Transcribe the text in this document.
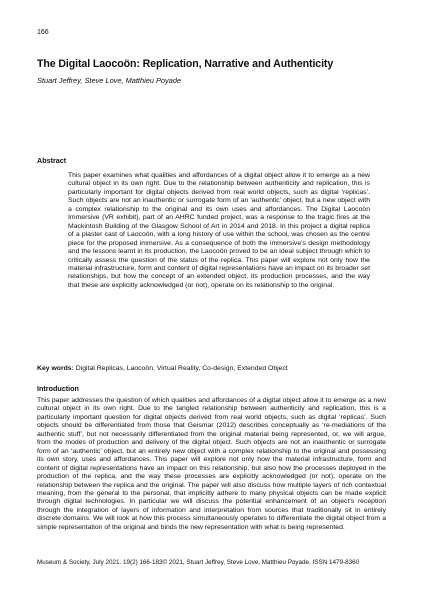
166
The Digital Laocoön: Replication, Narrative and Authenticity
Stuart Jeffrey, Steve Love, Matthieu Poyade
Abstract

This paper examines what qualities and affordances of a digital object allow it to emerge as a new cultural object in its own right. Due to the relationship between authenticity and replication, this is particularly important for digital objects derived from real world objects, such as digital ‘replicas’. Such objects are not an inauthentic or surrogate form of an ‘authentic’ object, but a new object with a complex relationship to the original and its own uses and affordances. The Digital Laocoön Immersive (VR exhibit), part of an AHRC funded project, was a response to the tragic fires at the Mackintosh Building of the Glasgow School of Art in 2014 and 2018. In this project a digital replica of a plaster cast of Laocoön, with a long history of use within the school, was chosen as the centre piece for the proposed immersive. As a consequence of both the immersive’s design methodology and the lessons learnt in its production, the Laocoön proved to be an ideal subject through which to critically assess the question of the status of the replica. This paper will explore not only how the material infrastructure, form and content of digital representations have an impact on its broader set relationships, but how the concept of an extended object, its production processes, and the way that these are explicitly acknowledged (or not), operate on its relationship to the original.

Key words: Digital Replicas, Laocoön, Virtual Reality, Co-design, Extended Object
Introduction

This paper addresses the question of which qualities and affordances of a digital object allow it to emerge as a new cultural object in its own right. Due to the tangled relationship between authenticity and replication, this is a particularly important question for digital objects derived from real world objects, such as digital ‘replicas’. Such objects should be differentiated from those that Geismar (2012) describes conceptually as ‘re-mediations of the authentic stuff’, but not necessarily differentiated from the original material being represented, or, we will argue, from the modes of production and delivery of the digital object. Such objects are not an inauthentic or surrogate form of an ‘authentic’ object, but an entirely new object with a complex relationship to the original and possessing its own story, uses and affordances. This paper will explore not only how the material infrastructure, form and content of digital representations have an impact on this relationship, but also how the processes deployed in the production of the replica, and the way these processes are explicitly acknowledged (or not), operate on the relationship between the replica and the original. The paper will also discuss how multiple layers of rich contextual meaning, from the general to the personal, that implicitly adhere to many physical objects can be made explicit through digital technologies. In particular we will discuss the potential enhancement of an object’s reception through the integration of layers of information and interpretation from sources that traditionally sit in entirely discrete domains. We will look at how this process simultaneously operates to differentiate the digital object from a simple representation of the original and binds the new representation with what is being represented.

Museum & Society, July 2021. 19(2) 166-183© 2021, Stuart Jeffrey, Steve Love, Matthieu Poyade. ISSN 1479-8360
